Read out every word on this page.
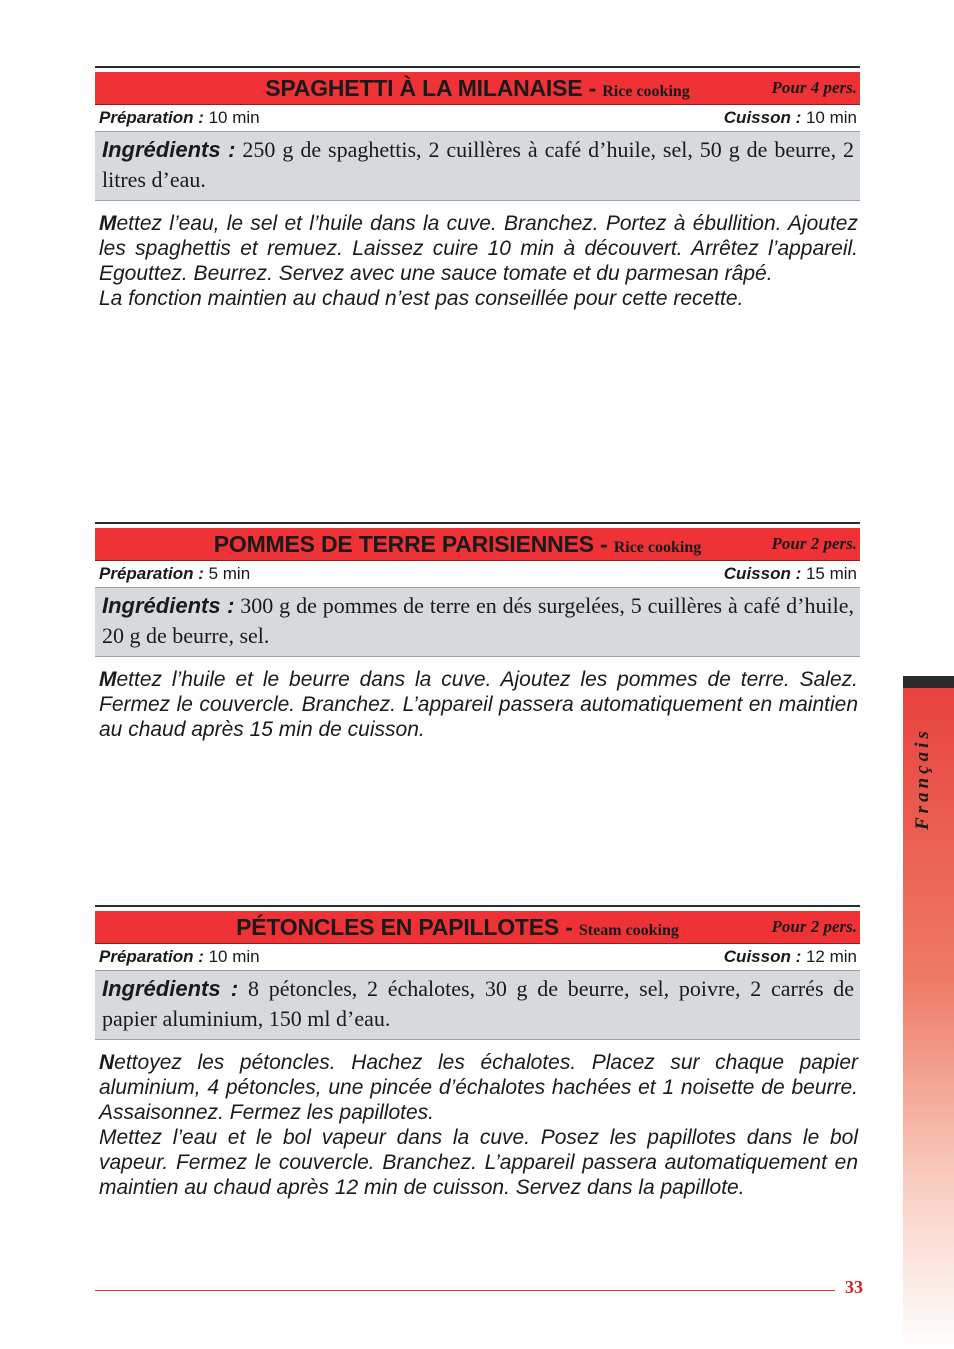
SPAGHETTI À LA MILANAISE - Rice cooking	Pour 4 pers.
Préparation : 10 min	Cuisson : 10 min
Ingrédients : 250 g de spaghettis, 2 cuillères à café d’huile, sel, 50 g de beurre, 2 litres d’eau.

Mettez l’eau, le sel et l’huile dans la cuve. Branchez. Portez à ébullition. Ajoutez les spaghettis et remuez. Laissez cuire 10 min à découvert. Arrêtez l’appareil. Egouttez. Beurrez. Servez avec une sauce tomate et du parmesan râpé.

La fonction maintien au chaud n’est pas conseillée pour cette recette.

POMMES DE TERRE PARISIENNES - Rice cooking	Pour 2 pers.
Préparation : 5 min	Cuisson : 15 min
Ingrédients : 300 g de pommes de terre en dés surgelées, 5 cuillères à café d’huile, 20 g de beurre, sel.

Mettez l’huile et le beurre dans la cuve. Ajoutez les pommes de terre. Salez. Fermez le couvercle. Branchez. L’appareil passera automatiquement en maintien au chaud après 15 min de cuisson.

PÉTONCLES EN PAPILLOTES - Steam cooking	Pour 2 pers.
Préparation : 10 min	Cuisson : 12 min
Ingrédients : 8 pétoncles, 2 échalotes, 30 g de beurre, sel, poivre, 2 carrés de papier aluminium, 150 ml d’eau.

Nettoyez les pétoncles. Hachez les échalotes. Placez sur chaque papier aluminium, 4 pétoncles, une pincée d’échalotes hachées et 1 noisette de beurre. Assaisonnez. Fermez les papillotes.

Mettez l’eau et le bol vapeur dans la cuve. Posez les papillotes dans le bol vapeur. Fermez le couvercle. Branchez. L’appareil passera automatiquement en maintien au chaud après 12 min de cuisson. Servez dans la papillote.

Français
33
